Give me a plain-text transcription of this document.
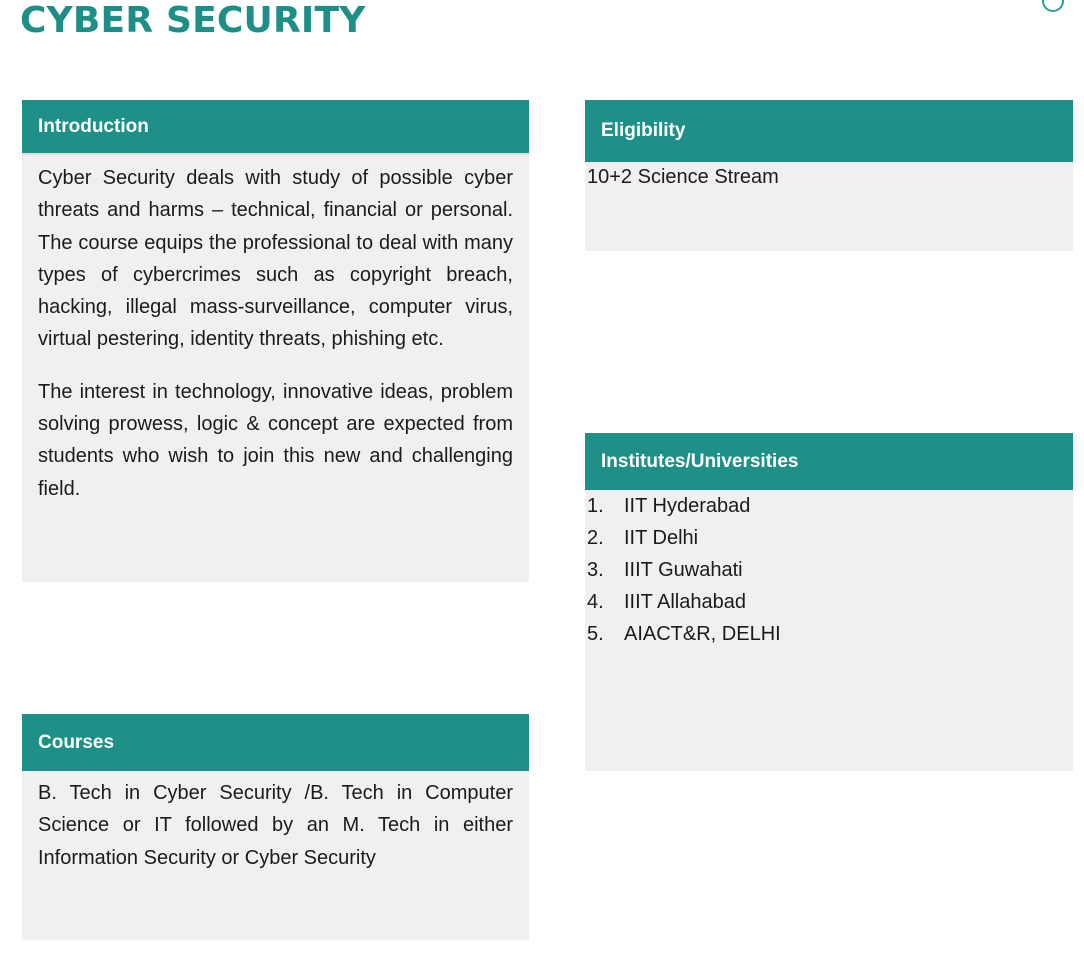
CYBER SECURITY
Introduction

Cyber Security deals with study of possible cyber threats and harms – technical, financial or personal. The course equips the professional to deal with many types of cybercrimes such as copyright breach, hacking, illegal mass-surveillance, computer virus, virtual pestering, identity threats, phishing etc.

The interest in technology, innovative ideas, problem solving prowess, logic & concept are expected from students who wish to join this new and challenging field.

Courses

B. Tech in Cyber Security /B. Tech in Computer Science or IT followed by an M. Tech in either Information Security or Cyber Security

Eligibility
10+2 Science Stream
Institutes/Universities
1.	IIT Hyderabad
2.	IIT Delhi
3.	IIIT Guwahati
4.	IIIT Allahabad
5.	AIACT&R, DELHI
